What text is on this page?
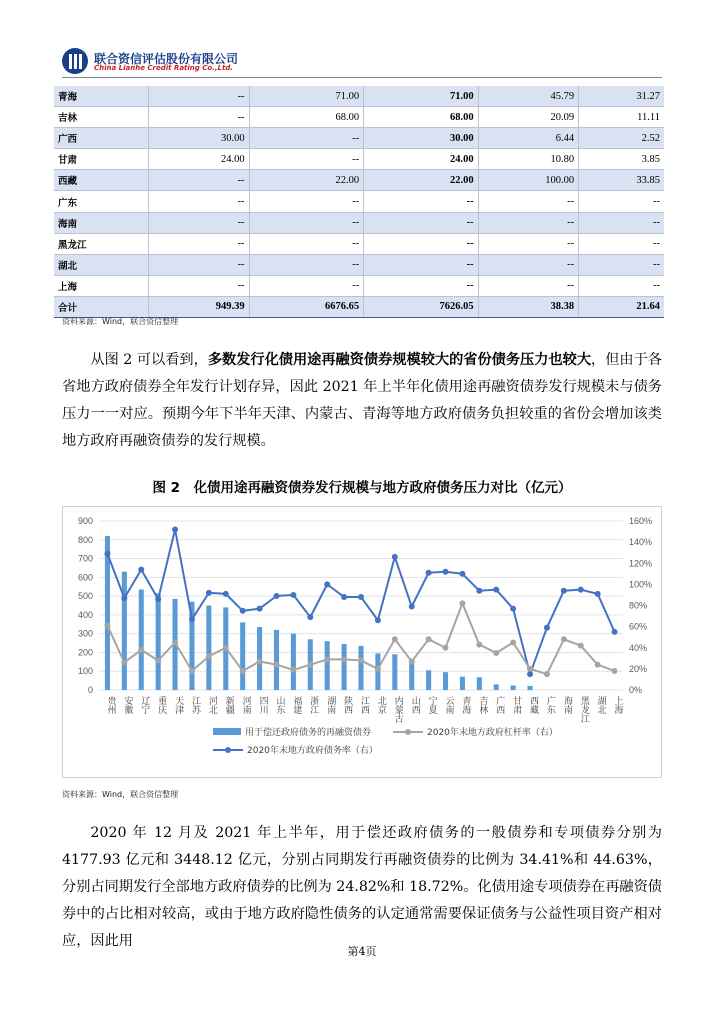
联合资信评估股份有限公司
China Lianhe Credit Rating Co.,Ltd.
青海	--	71.00	71.00	45.79	31.27
吉林	--	68.00	68.00	20.09	11.11
广西	30.00	--	30.00	6.44	2.52
甘肃	24.00	--	24.00	10.80	3.85
西藏	--	22.00	22.00	100.00	33.85
广东	--	--	--	--	--
海南	--	--	--	--	--
黑龙江	--	--	--	--	--
湖北	--	--	--	--	--
上海	--	--	--	--	--
合计	949.39	6676.65	7626.05	38.38	21.64
资料来源：Wind，联合资信整理

从图 2 可以看到，多数发行化债用途再融资债券规模较大的省份债务压力也较大，但由于各省地方政府债券全年发行计划存异，因此 2021 年上半年化债用途再融资债券发行规模未与债务压力一一对应。预期今年下半年天津、内蒙古、青海等地方政府债务负担较重的省份会增加该类地方政府再融资债券的发行规模。

图 2　化债用途再融资债券发行规模与地方政府债务压力对比（亿元）
0
100
200
300
400
500
600
700
800
900
0%
20%
40%
60%
80%
100%
120%
140%
160%
贵州 安徽 辽宁 重庆 天津 江苏 河北 新疆 河南 四川 山东 福建 浙江 湖南 陕西 江西 北京 内蒙古 山西 宁夏 云南 青海 吉林 广西 甘肃 西藏 广东 海南 黑龙江 湖北 上海
用于偿还政府债务的再融资债券	2020年末地方政府杠杆率（右）
2020年末地方政府债务率（右）
资料来源：Wind，联合资信整理

2020 年 12 月及 2021 年上半年，用于偿还政府债务的一般债券和专项债券分别为 4177.93 亿元和 3448.12 亿元，分别占同期发行再融资债券的比例为 34.41%和 44.63%，分别占同期发行全部地方政府债券的比例为 24.82%和 18.72%。化债用途专项债券在再融资债券中的占比相对较高，或由于地方政府隐性债务的认定通常需要保证债务与公益性项目资产相对应，因此用

第4页
